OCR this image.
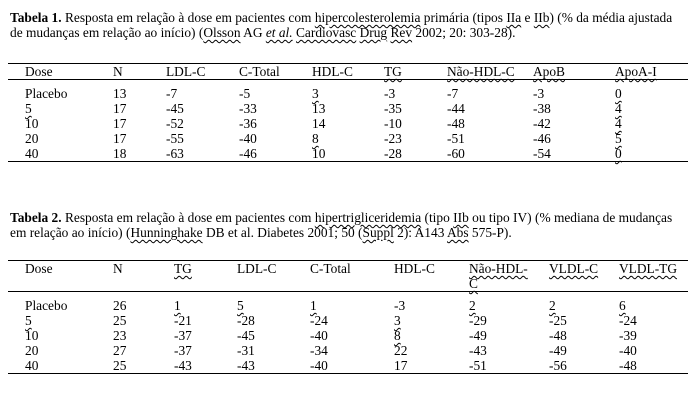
Tabela 1. Resposta em relação à dose em pacientes com hipercolesterolemia primária (tipos IIa e IIb) (% da média ajustada de mudanças em relação ao início) (Olsson AG et al. Cardiovasc Drug Rev 2002; 20: 303-28).

Dose	N	LDL-C	C-Total	HDL-C	TG	Não-HDL-C	ApoB	ApoA-I
Placebo	13	-7	-5	3	-3	-7	-3	0
5	17	-45	-33	13	-35	-44	-38	4
10	17	-52	-36	14	-10	-48	-42	4
20	17	-55	-40	8	-23	-51	-46	5
40	18	-63	-46	10	-28	-60	-54	0

Tabela 2. Resposta em relação à dose em pacientes com hipertrigliceridemia (tipo IIb ou tipo IV) (% mediana de mudanças em relação ao início) (Hunninghake DB et al. Diabetes 2001; 50 (Suppl 2): A143 Abs 575-P).

Dose	N	TG	LDL-C	C-Total	HDL-C	Não-HDL-C	VLDL-C	VLDL-TG
Placebo	26	1	5	1	-3	2	2	6
5	25	-21	-28	-24	3	-29	-25	-24
10	23	-37	-45	-40	8	-49	-48	-39
20	27	-37	-31	-34	22	-43	-49	-40
40	25	-43	-43	-40	17	-51	-56	-48
